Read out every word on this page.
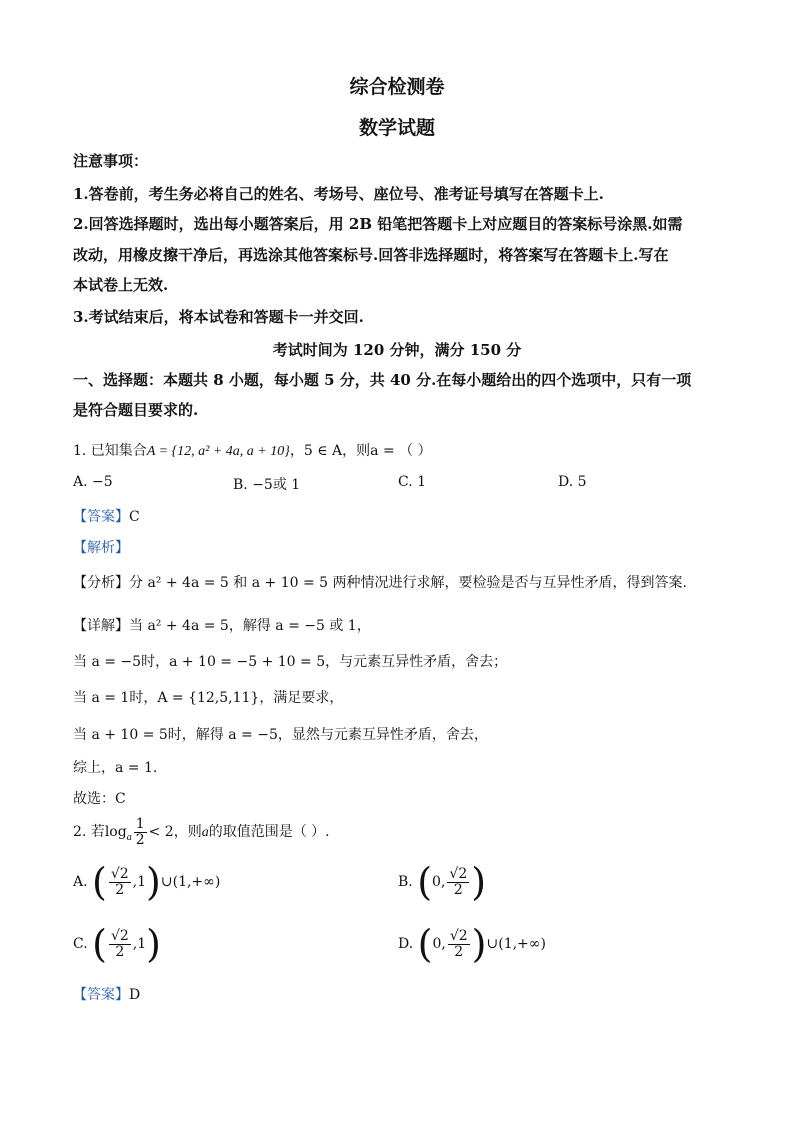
综合检测卷
数学试题
注意事项：
1.答卷前，考生务必将自己的姓名、考场号、座位号、准考证号填写在答题卡上.
2.回答选择题时，选出每小题答案后，用 2B 铅笔把答题卡上对应题目的答案标号涂黑.如需
改动，用橡皮擦干净后，再选涂其他答案标号.回答非选择题时，将答案写在答题卡上.写在
本试卷上无效.
3.考试结束后，将本试卷和答题卡一并交回.
考试时间为 120 分钟，满分 150 分
一、选择题：本题共 8 小题，每小题 5 分，共 40 分.在每小题给出的四个选项中，只有一项
是符合题目要求的.
1. 已知集合A = {12, a² + 4a, a + 10}，5 ∈ A，则a = （ ）
A. −5	B. −5或 1	C. 1	D. 5
【答案】C
【解析】
【分析】分 a² + 4a = 5 和 a + 10 = 5 两种情况进行求解，要检验是否与互异性矛盾，得到答案.
【详解】当 a² + 4a = 5，解得 a = −5 或 1，
当 a = −5时，a + 10 = −5 + 10 = 5，与元素互异性矛盾，舍去；
当 a = 1时，A = {12,5,11}，满足要求，
当 a + 10 = 5时，解得 a = −5，显然与元素互异性矛盾，舍去，
综上，a = 1.
故选：C
2. 若$\log_a \frac{1}{2} < 2$，则a的取值范围是（ ）.
A. ( $\frac{√2}{2}$ ,1)∪(1,+∞)	B. (0, $\frac{√2}{2}$ )
C. ( $\frac{√2}{2} ,1$)	D. (0, $\frac{√2}{2}$ )∪(1,+∞)
【答案】D
